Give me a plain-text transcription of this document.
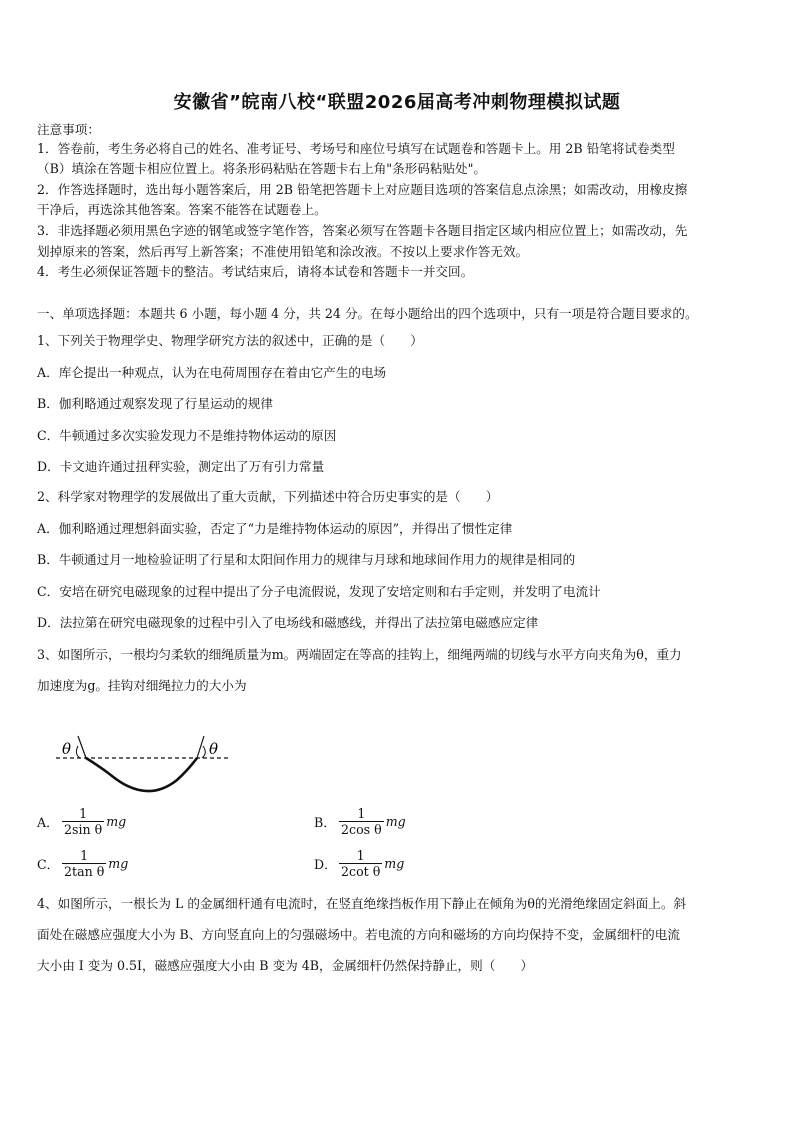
安徽省”皖南八校“联盟2026届高考冲刺物理模拟试题
注意事项：
1．答卷前，考生务必将自己的姓名、准考证号、考场号和座位号填写在试题卷和答题卡上。用 2B 铅笔将试卷类型
（B）填涂在答题卡相应位置上。将条形码粘贴在答题卡右上角"条形码粘贴处"。
2．作答选择题时，选出每小题答案后，用 2B 铅笔把答题卡上对应题目选项的答案信息点涂黑；如需改动，用橡皮擦
干净后，再选涂其他答案。答案不能答在试题卷上。
3．非选择题必须用黑色字迹的钢笔或签字笔作答，答案必须写在答题卡各题目指定区域内相应位置上；如需改动，先
划掉原来的答案，然后再写上新答案；不准使用铅笔和涂改液。不按以上要求作答无效。
4．考生必须保证答题卡的整洁。考试结束后，请将本试卷和答题卡一并交回。
一、单项选择题：本题共 6 小题，每小题 4 分，共 24 分。在每小题给出的四个选项中，只有一项是符合题目要求的。
1、下列关于物理学史、物理学研究方法的叙述中，正确的是（　　）
A．库仑提出一种观点，认为在电荷周围存在着由它产生的电场
B．伽利略通过观察发现了行星运动的规律
C．牛顿通过多次实验发现力不是维持物体运动的原因
D．卡文迪许通过扭秤实验，测定出了万有引力常量
2、科学家对物理学的发展做出了重大贡献，下列描述中符合历史事实的是（　　）
A．伽利略通过理想斜面实验，否定了“力是维持物体运动的原因”，并得出了惯性定律
B．牛顿通过月一地检验证明了行星和太阳间作用力的规律与月球和地球间作用力的规律是相同的
C．安培在研究电磁现象的过程中提出了分子电流假说，发现了安培定则和右手定则，并发明了电流计
D．法拉第在研究电磁现象的过程中引入了电场线和磁感线，并得出了法拉第电磁感应定律
3、如图所示，一根均匀柔软的细绳质量为m。两端固定在等高的挂钩上，细绳两端的切线与水平方向夹角为θ，重力
加速度为g。挂钩对细绳拉力的大小为
θ	θ
A． $\frac{1}{\text{2sin θ}}$ mg	B． $\frac{1}{\text{2cos θ}}$ mg
C． $\frac{1}{\text{2tan θ}}$ mg	D． $\frac{1}{\text{2cot θ}}$ mg
4、如图所示，一根长为 L 的金属细杆通有电流时，在竖直绝缘挡板作用下静止在倾角为θ的光滑绝缘固定斜面上。斜
面处在磁感应强度大小为 B、方向竖直向上的匀强磁场中。若电流的方向和磁场的方向均保持不变，金属细杆的电流
大小由 I 变为 0.5I，磁感应强度大小由 B 变为 4B，金属细杆仍然保持静止，则（　　）
